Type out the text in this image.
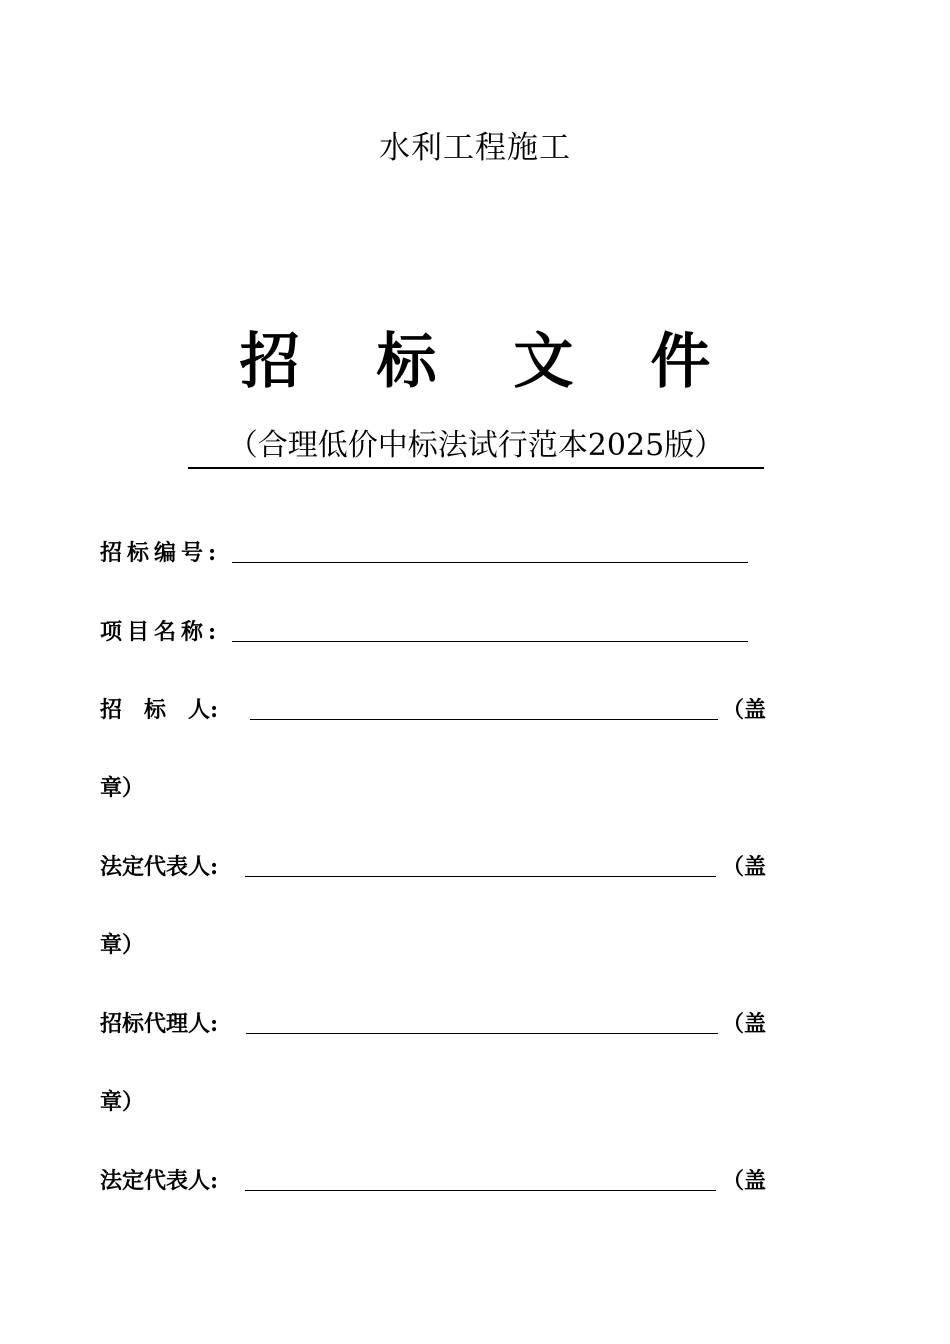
水利工程施工
招 标 文 件
（合理低价中标法试行范本2025版）
招标编号:
项目名称:
招　标　人:	（盖
章）
法定代表人:	（盖
章）
招标代理人:	（盖
章）
法定代表人:	（盖
